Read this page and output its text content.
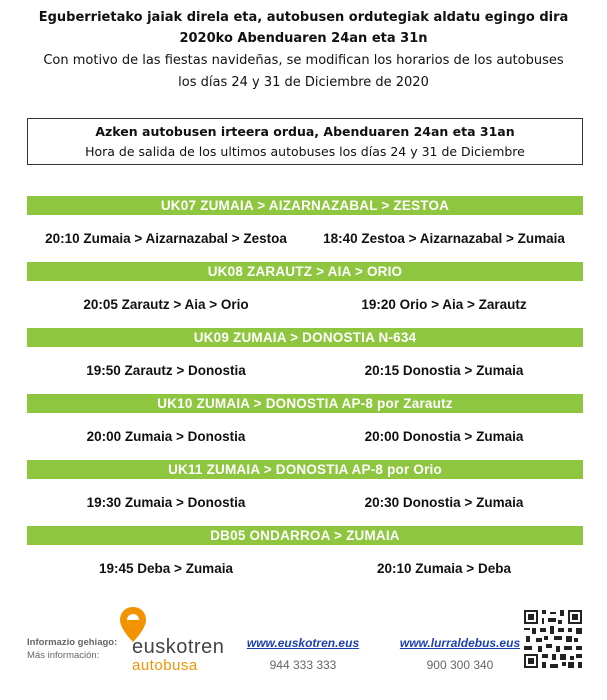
Eguberrietako jaiak direla eta, autobusen ordutegiak aldatu egingo dira
2020ko Abenduaren 24an eta 31n
Con motivo de las fiestas navideñas, se modifican los horarios de los autobuses
los días 24 y 31 de Diciembre de 2020
Azken autobusen irteera ordua, Abenduaren 24an eta 31an
Hora de salida de los ultimos autobuses los días 24 y 31 de Diciembre
UK07 ZUMAIA > AIZARNAZABAL > ZESTOA
20:10 Zumaia > Aizarnazabal > Zestoa	18:40 Zestoa > Aizarnazabal > Zumaia
UK08 ZARAUTZ > AIA > ORIO
20:05 Zarautz > Aia > Orio	19:20 Orio > Aia > Zarautz
UK09 ZUMAIA > DONOSTIA N-634
19:50 Zarautz > Donostia	20:15 Donostia > Zumaia
UK10 ZUMAIA > DONOSTIA AP-8 por Zarautz
20:00 Zumaia > Donostia	20:00 Donostia > Zumaia
UK11 ZUMAIA > DONOSTIA AP-8 por Orio
19:30 Zumaia > Donostia	20:30 Donostia > Zumaia
DB05 ONDARROA > ZUMAIA
19:45 Deba > Zumaia	20:10 Zumaia > Deba
Informazio gehiago:
Más información:	euskotren
autobusa
www.euskotren.eus
944 333 333
www.lurraldebus.eus
900 300 340
